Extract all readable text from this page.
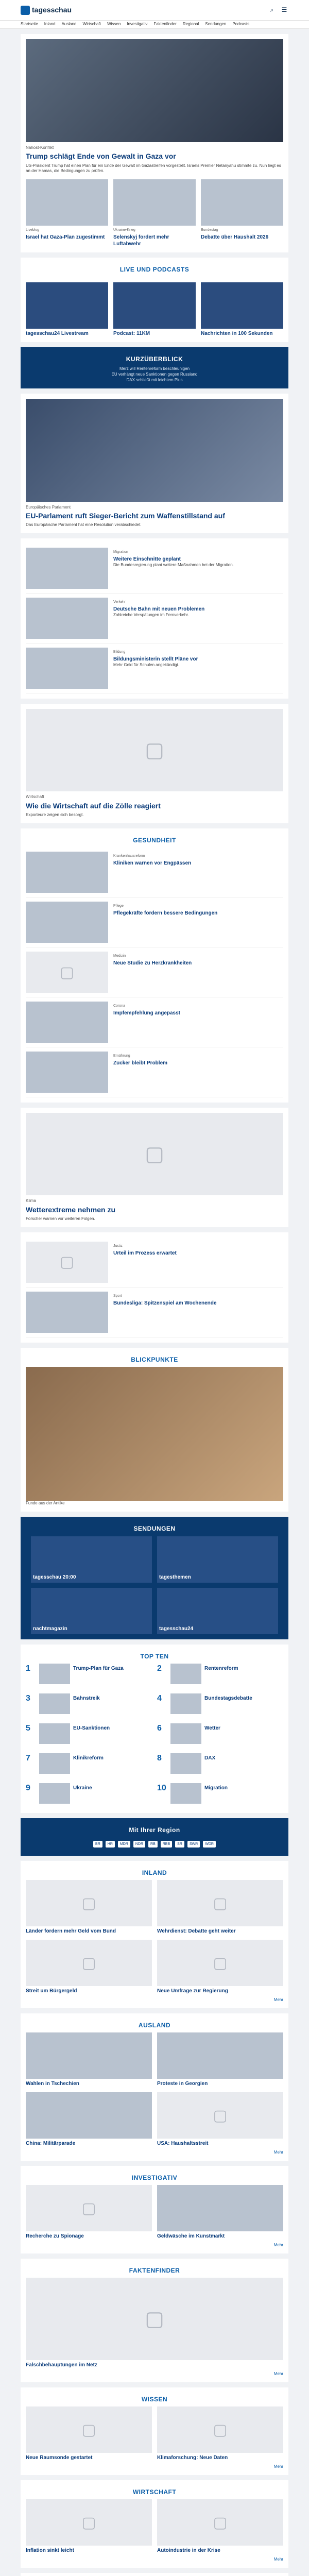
tagesschau	⌕	☰
Startseite Inland Ausland Wirtschaft Wissen Investigativ Faktenfinder Regional Sendungen Podcasts
Nahost-Konflikt
Trump schlägt Ende von Gewalt in Gaza vor
US-Präsident Trump hat einen Plan für ein Ende der Gewalt im Gazastreifen vorgestellt. Israels Premier Netanyahu stimmte zu. Nun liegt es an der Hamas, die Bedingungen zu prüfen.
Liveblog
Israel hat Gaza-Plan zugestimmt
Ukraine-Krieg
Selenskyj fordert mehr Luftabwehr
Bundestag
Debatte über Haushalt 2026
LIVE UND PODCASTS
tagesschau24 Livestream	Podcast: 11KM	Nachrichten in 100 Sekunden
KURZÜBERBLICK
Merz will Rentenreform beschleunigen
EU verhängt neue Sanktionen gegen Russland
DAX schließt mit leichtem Plus
Europäisches Parlament
EU-Parlament ruft Sieger-Bericht zum Waffenstillstand auf
Das Europäische Parlament hat eine Resolution verabschiedet.
Migration
Weitere Einschnitte geplant
Die Bundesregierung plant weitere Maßnahmen bei der Migration.
Verkehr
Deutsche Bahn mit neuen Problemen
Zahlreiche Verspätungen im Fernverkehr.
Bildung
Bildungsministerin stellt Pläne vor
Mehr Geld für Schulen angekündigt.
▢
Wirtschaft
Wie die Wirtschaft auf die Zölle reagiert
Exporteure zeigen sich besorgt.
GESUNDHEIT
Krankenhausreform
Kliniken warnen vor Engpässen
Pflege
Pflegekräfte fordern bessere Bedingungen
▢
Medizin
Neue Studie zu Herzkrankheiten
Corona
Impfempfehlung angepasst
Ernährung
Zucker bleibt Problem
▢
Klima
Wetterextreme nehmen zu
Forscher warnen vor weiteren Folgen.
▢
Justiz
Urteil im Prozess erwartet
Sport
Bundesliga: Spitzenspiel am Wochenende
BLICKPUNKTE
Funde aus der Antike
SENDUNGEN
tagesschau 20:00	tagesthemen
nachtmagazin	tagesschau24
TOP TEN
1	Trump-Plan für Gaza	2	Rentenreform
3	Bahnstreik	4	Bundestagsdebatte
5	EU-Sanktionen	6	Wetter
7	Klinikreform	8	DAX
9	Ukraine	10	Migration
Mit Ihrer Region
BR	HR	MDR	NDR	RB	RBB	SR	SWR	WDR
INLAND
▢
Länder fordern mehr Geld vom Bund
▢
Wehrdienst: Debatte geht weiter
▢
Streit um Bürgergeld
▢
Neue Umfrage zur Regierung
Mehr
AUSLAND
Wahlen in Tschechien	Proteste in Georgien
China: Militärparade
▢
USA: Haushaltsstreit
Mehr
INVESTIGATIV
▢
Recherche zu Spionage	Geldwäsche im Kunstmarkt
Mehr
FAKTENFINDER
▢
Falschbehauptungen im Netz
Mehr
WISSEN
▢
Neue Raumsonde gestartet
▢
Klimaforschung: Neue Daten
Mehr
WIRTSCHAFT
▢
Inflation sinkt leicht
▢
Autoindustrie in der Krise
Mehr
